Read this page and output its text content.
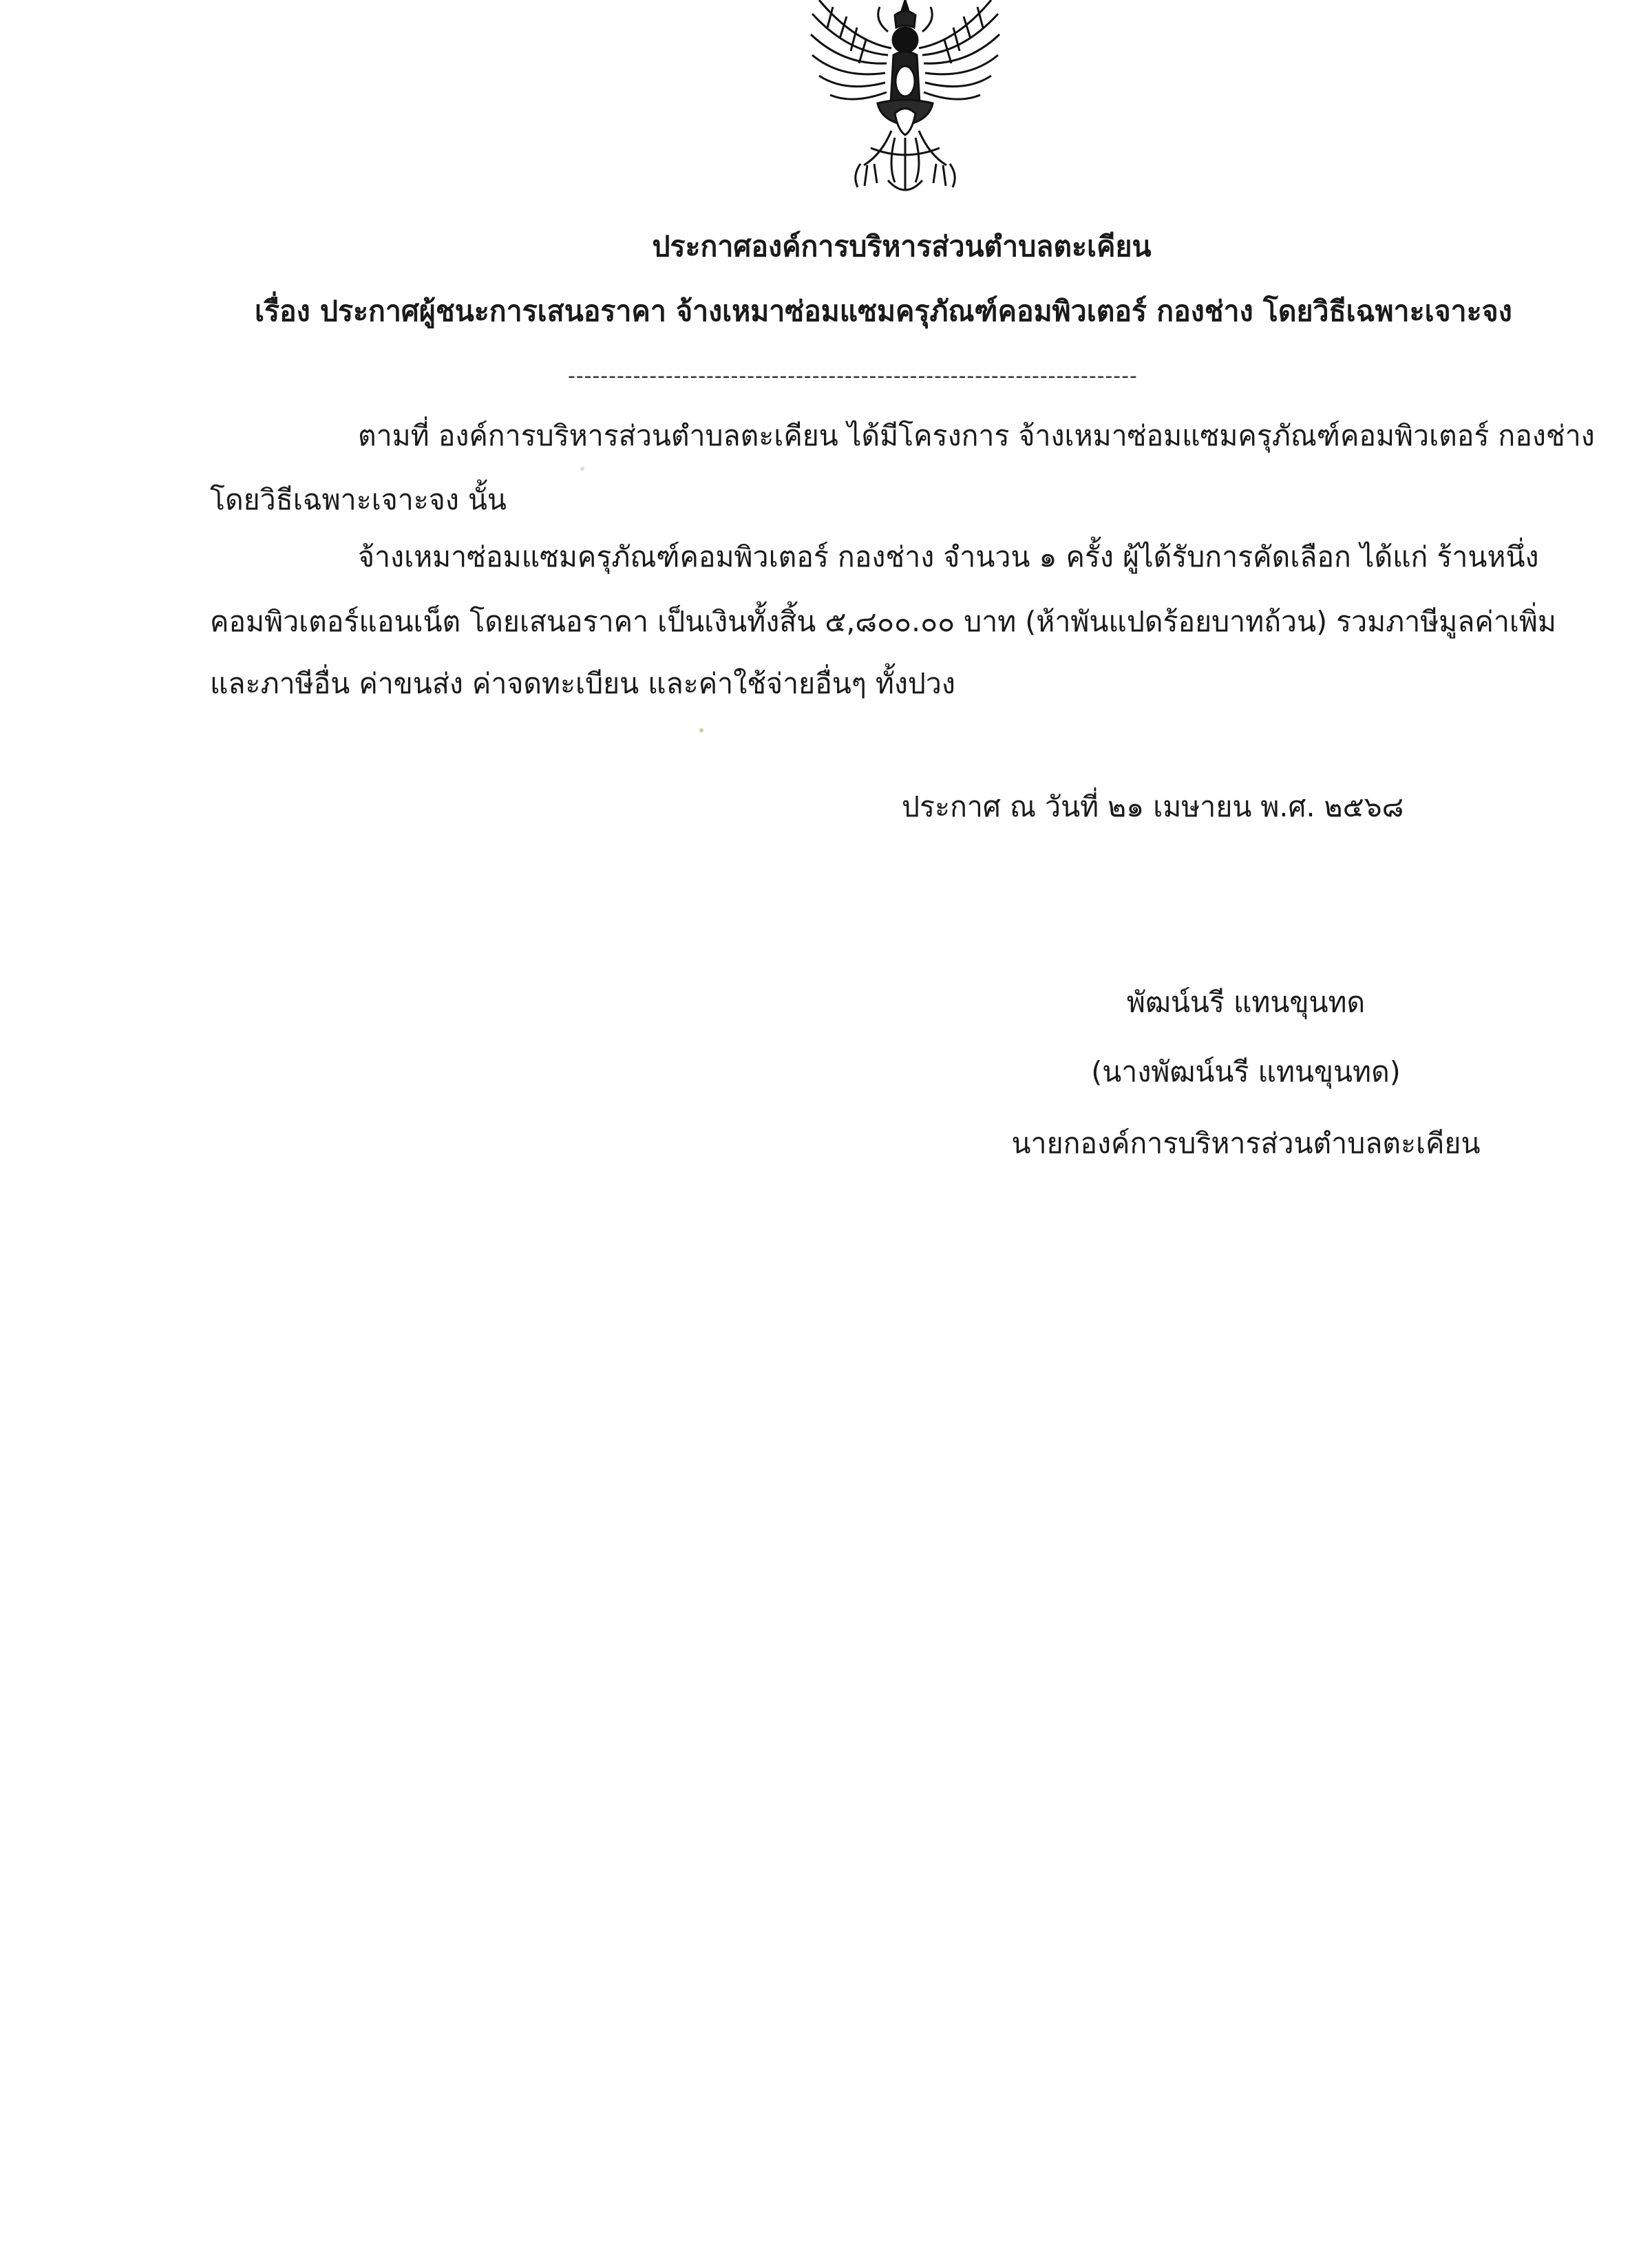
ประกาศองค์การบริหารส่วนตำบลตะเคียน
เรื่อง ประกาศผู้ชนะการเสนอราคา จ้างเหมาซ่อมแซมครุภัณฑ์คอมพิวเตอร์ กองช่าง โดยวิธีเฉพาะเจาะจง
----------------------------------------------------------------------
ตามที่ องค์การบริหารส่วนตำบลตะเคียน ได้มีโครงการ จ้างเหมาซ่อมแซมครุภัณฑ์คอมพิวเตอร์ กองช่าง
โดยวิธีเฉพาะเจาะจง นั้น
จ้างเหมาซ่อมแซมครุภัณฑ์คอมพิวเตอร์ กองช่าง จำนวน ๑ ครั้ง ผู้ได้รับการคัดเลือก ได้แก่ ร้านหนึ่ง
คอมพิวเตอร์แอนเน็ต โดยเสนอราคา เป็นเงินทั้งสิ้น ๕,๘๐๐.๐๐ บาท (ห้าพันแปดร้อยบาทถ้วน) รวมภาษีมูลค่าเพิ่ม
และภาษีอื่น ค่าขนส่ง ค่าจดทะเบียน และค่าใช้จ่ายอื่นๆ ทั้งปวง
ประกาศ ณ วันที่ ๒๑ เมษายน พ.ศ. ๒๕๖๘
พัฒน์นรี แทนขุนทด
(นางพัฒน์นรี แทนขุนทด)
นายกองค์การบริหารส่วนตำบลตะเคียน
